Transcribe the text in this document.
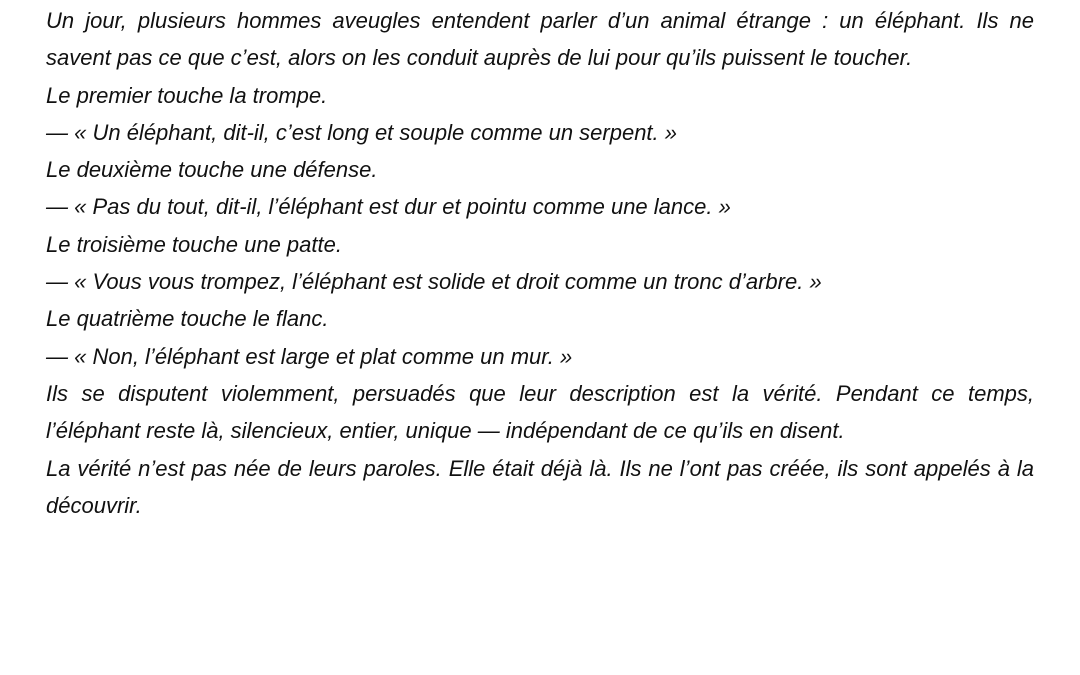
Un jour, plusieurs hommes aveugles entendent parler d’un animal étrange : un éléphant. Ils ne savent pas ce que c’est, alors on les conduit auprès de lui pour qu’ils puissent le toucher.

Le premier touche la trompe.

— « Un éléphant, dit-il, c’est long et souple comme un serpent. »

Le deuxième touche une défense.

— « Pas du tout, dit-il, l’éléphant est dur et pointu comme une lance. »

Le troisième touche une patte.

— « Vous vous trompez, l’éléphant est solide et droit comme un tronc d’arbre. »

Le quatrième touche le flanc.

— « Non, l’éléphant est large et plat comme un mur. »

Ils se disputent violemment, persuadés que leur description est la vérité. Pendant ce temps, l’éléphant reste là, silencieux, entier, unique — indépendant de ce qu’ils en disent.

La vérité n’est pas née de leurs paroles. Elle était déjà là. Ils ne l’ont pas créée, ils sont appelés à la découvrir.
